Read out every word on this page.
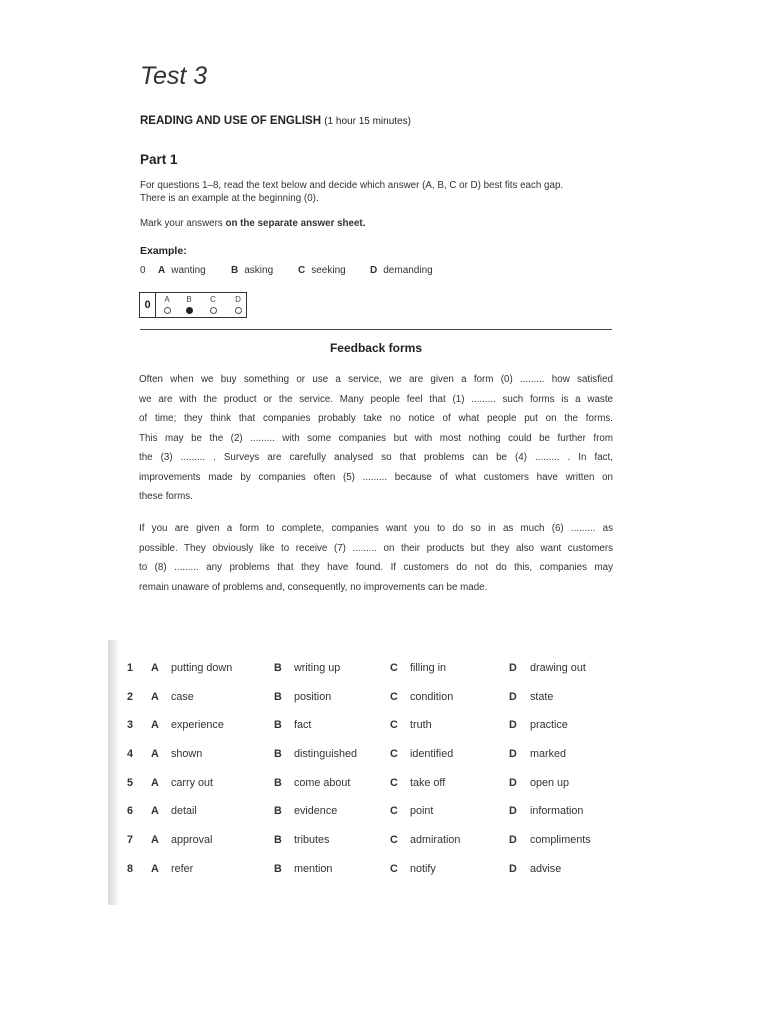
Test 3
READING AND USE OF ENGLISH (1 hour 15 minutes)
Part 1
For questions 1–8, read the text below and decide which answer (A, B, C or D) best fits each gap.
There is an example at the beginning (0).
Mark your answers on the separate answer sheet.
Example:
0 A wanting	B asking C seeking D demanding
0	A	B	C	D
Feedback forms
Often when we buy something or use a service, we are given a form (0) ......... how satisfied
we are with the product or the service. Many people feel that (1) ......... such forms is a waste
of time; they think that companies probably take no notice of what people put on the forms.
This may be the (2) ......... with some companies but with most nothing could be further from
the (3) ......... . Surveys are carefully analysed so that problems can be (4) ......... . In fact,
improvements made by companies often (5) ......... because of what customers have written on
these forms.
If you are given a form to complete, companies want you to do so in as much (6) ......... as
possible. They obviously like to receive (7) ......... on their products but they also want customers
to (8) ......... any problems that they have found. If customers do not do this, companies may
remain unaware of problems and, consequently, no improvements can be made.
1 A putting down	B writing up	C filling in	D drawing out
2 A case	B position	C condition	D state
3 A experience	B fact	C truth	D practice
4 A shown	B distinguished	C identified	D marked
5 A carry out	B come about	C take off	D open up
6 A detail	B evidence	C point	D information
7 A approval	B tributes	C admiration	D compliments
8 A refer	B mention	C notify	D advise
